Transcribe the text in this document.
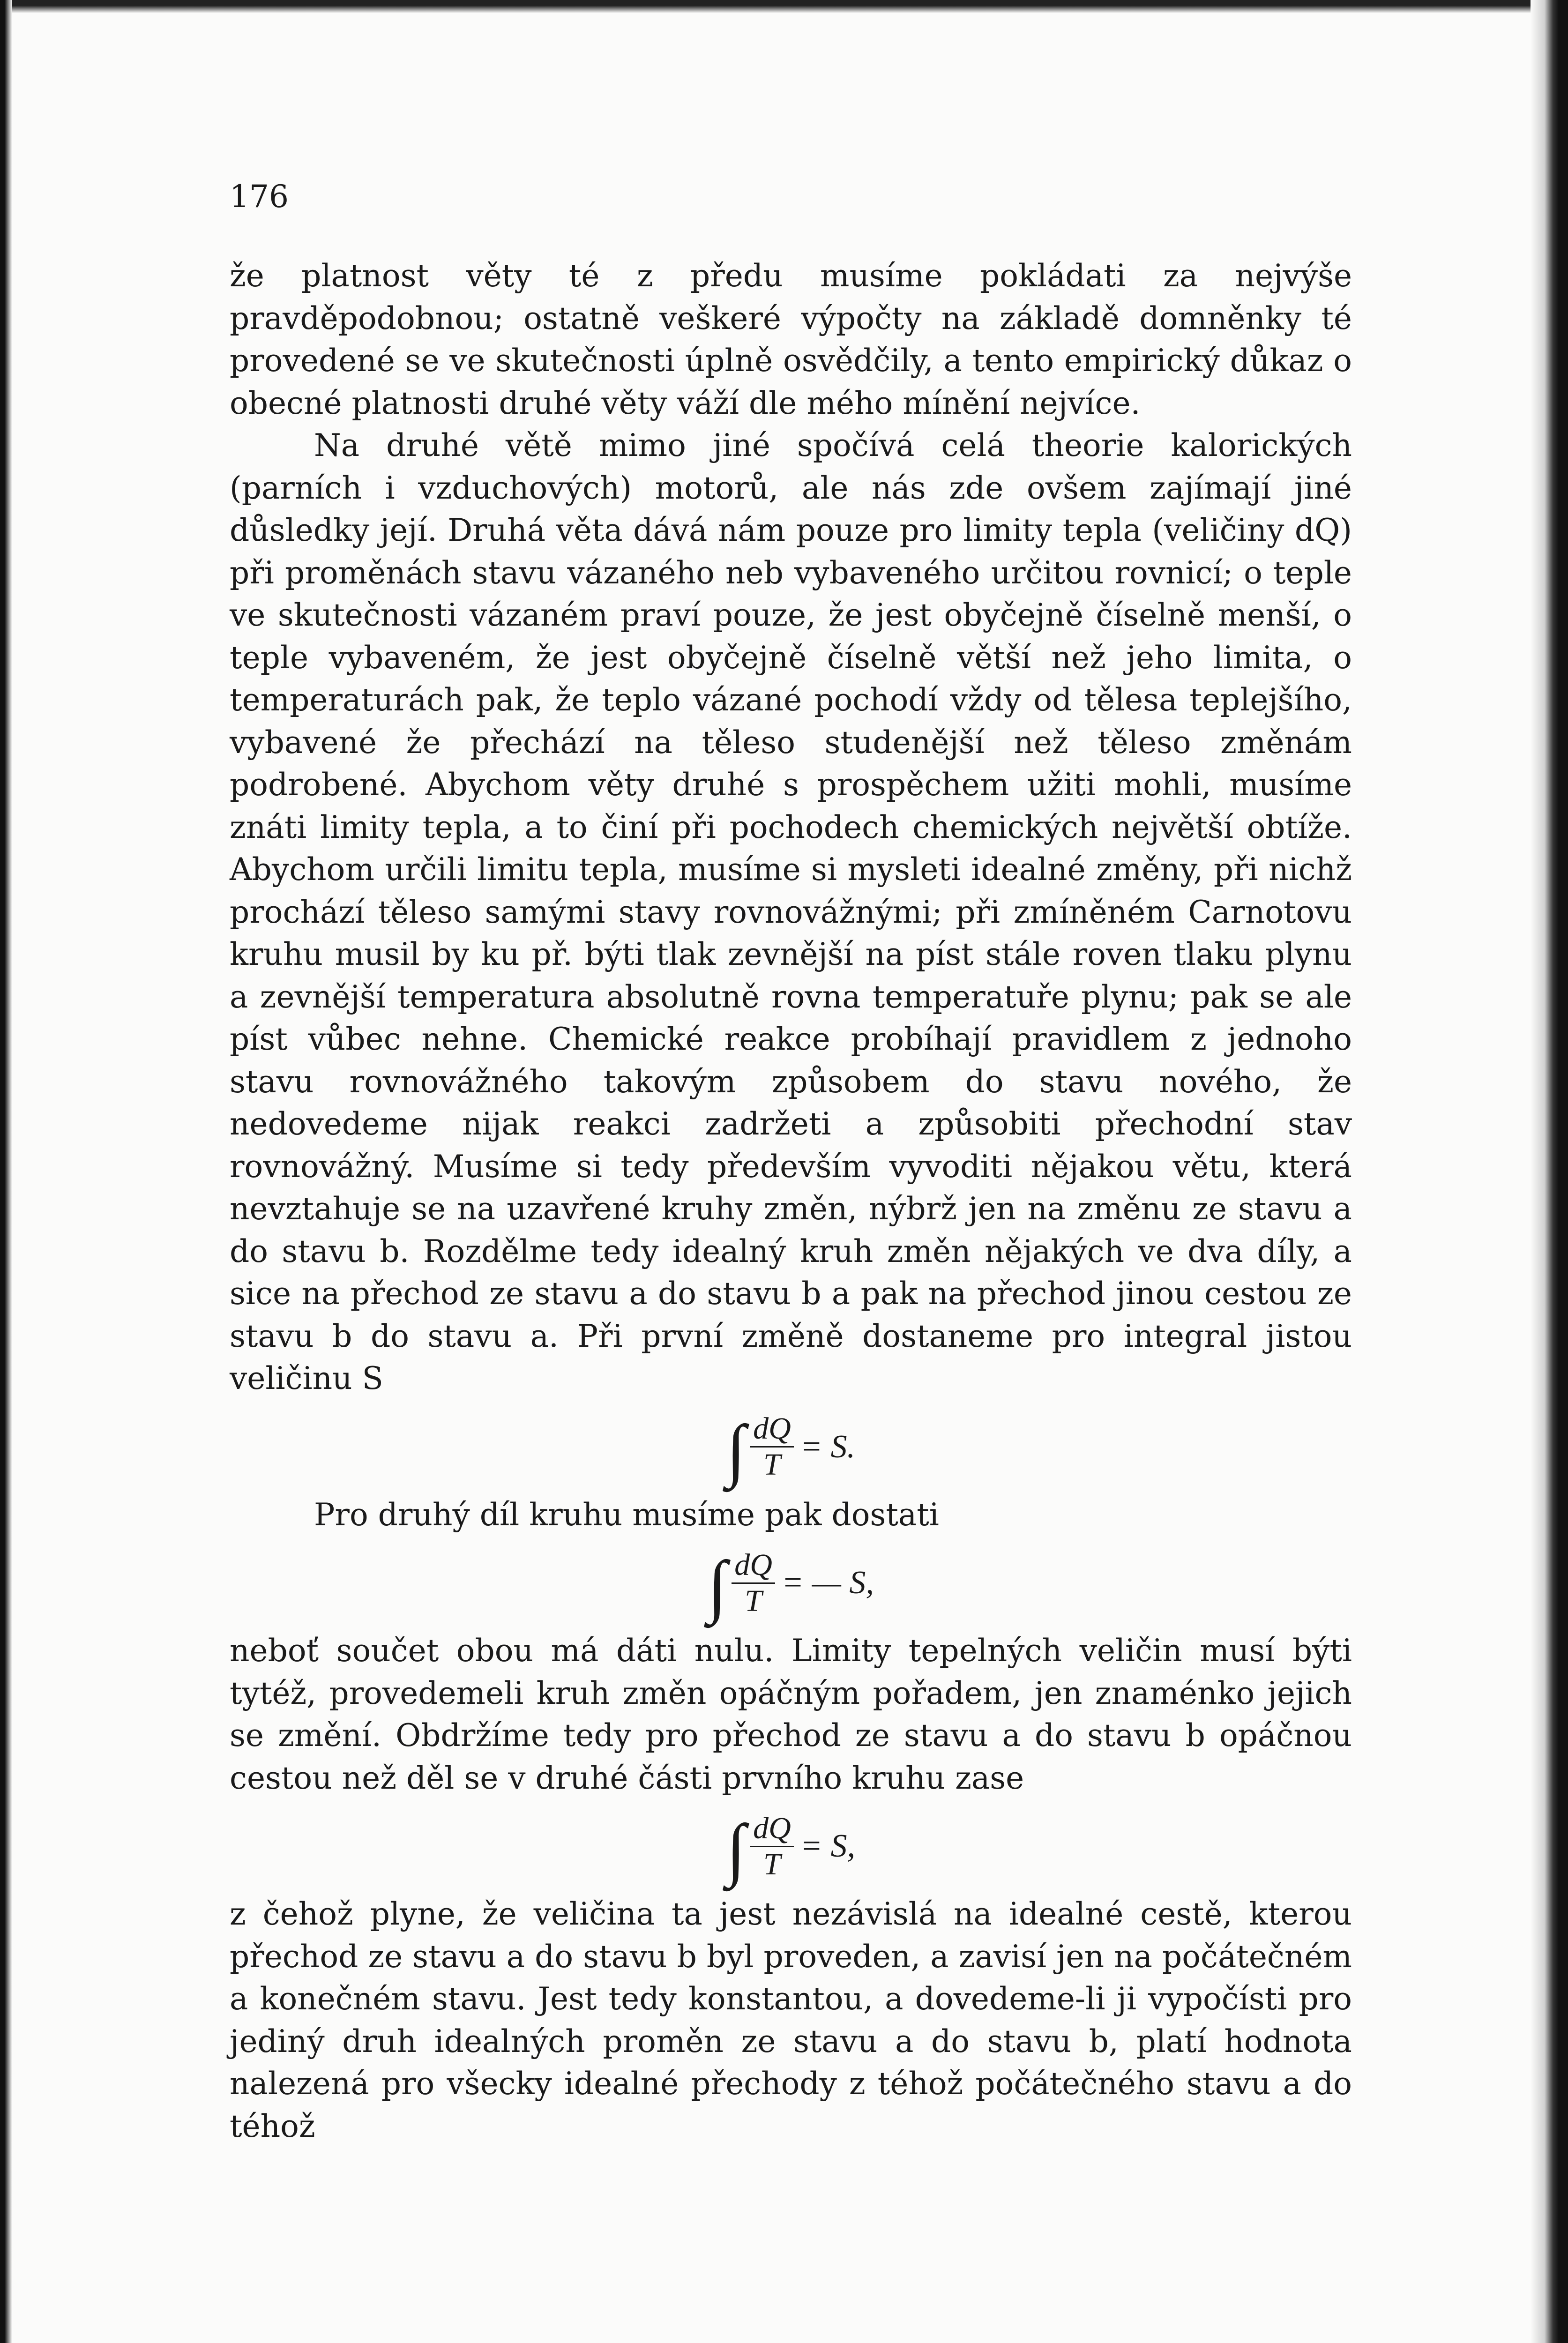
176

že platnost věty té z předu musíme pokládati za nejvýše pravděpodobnou; ostatně veškeré výpočty na základě domněnky té provedené se ve skutečnosti úplně osvědčily, a tento empirický důkaz o obecné platnosti druhé věty váží dle mého mínění nejvíce.

Na druhé větě mimo jiné spočívá celá theorie kalorických (parních i vzduchových) motorů, ale nás zde ovšem zajímají jiné důsledky její. Druhá věta dává nám pouze pro limity tepla (veličiny dQ) při proměnách stavu vázaného neb vybaveného určitou rovnicí; o teple ve skutečnosti vázaném praví pouze, že jest obyčejně číselně menší, o teple vybaveném, že jest obyčejně číselně větší než jeho limita, o temperaturách pak, že teplo vázané pochodí vždy od tělesa teplejšího, vybavené že přechází na těleso studenější než těleso změnám podrobené. Abychom věty druhé s prospěchem užiti mohli, musíme znáti limity tepla, a to činí při pochodech chemických největší obtíže. Abychom určili limitu tepla, musíme si mysleti idealné změny, při nichž prochází těleso samými stavy rovnovážnými; při zmíněném Carnotovu kruhu musil by ku př. býti tlak zevnější na píst stále roven tlaku plynu a zevnější temperatura absolutně rovna temperatuře plynu; pak se ale píst vůbec nehne. Chemické reakce probíhají pravidlem z jednoho stavu rovnovážného takovým způsobem do stavu nového, že nedovedeme nijak reakci zadržeti a způsobiti přechodní stav rovnovážný. Musíme si tedy především vyvoditi nějakou větu, která nevztahuje se na uzavřené kruhy změn, nýbrž jen na změnu ze stavu a do stavu b. Rozdělme tedy idealný kruh změn nějakých ve dva díly, a sice na přechod ze stavu a do stavu b a pak na přechod jinou cestou ze stavu b do stavu a. Při první změně dostaneme pro integral jistou veličinu S

∫ $\frac{dQ}{T} = S$.

Pro druhý díl kruhu musíme pak dostati

∫ $\frac{dQ}{T}$ = — S,

neboť součet obou má dáti nulu. Limity tepelných veličin musí býti tytéž, provedemeli kruh změn opáčným pořadem, jen znaménko jejich se změní. Obdržíme tedy pro přechod ze stavu a do stavu b opáčnou cestou než děl se v druhé části prvního kruhu zase

∫ $\frac{dQ}{T} = S$,

z čehož plyne, že veličina ta jest nezávislá na idealné cestě, kterou přechod ze stavu a do stavu b byl proveden, a zavisí jen na počátečném a konečném stavu. Jest tedy konstantou, a dovedeme-li ji vypočísti pro jediný druh idealných proměn ze stavu a do stavu b, platí hodnota nalezená pro všecky idealné přechody z téhož počátečného stavu a do téhož
